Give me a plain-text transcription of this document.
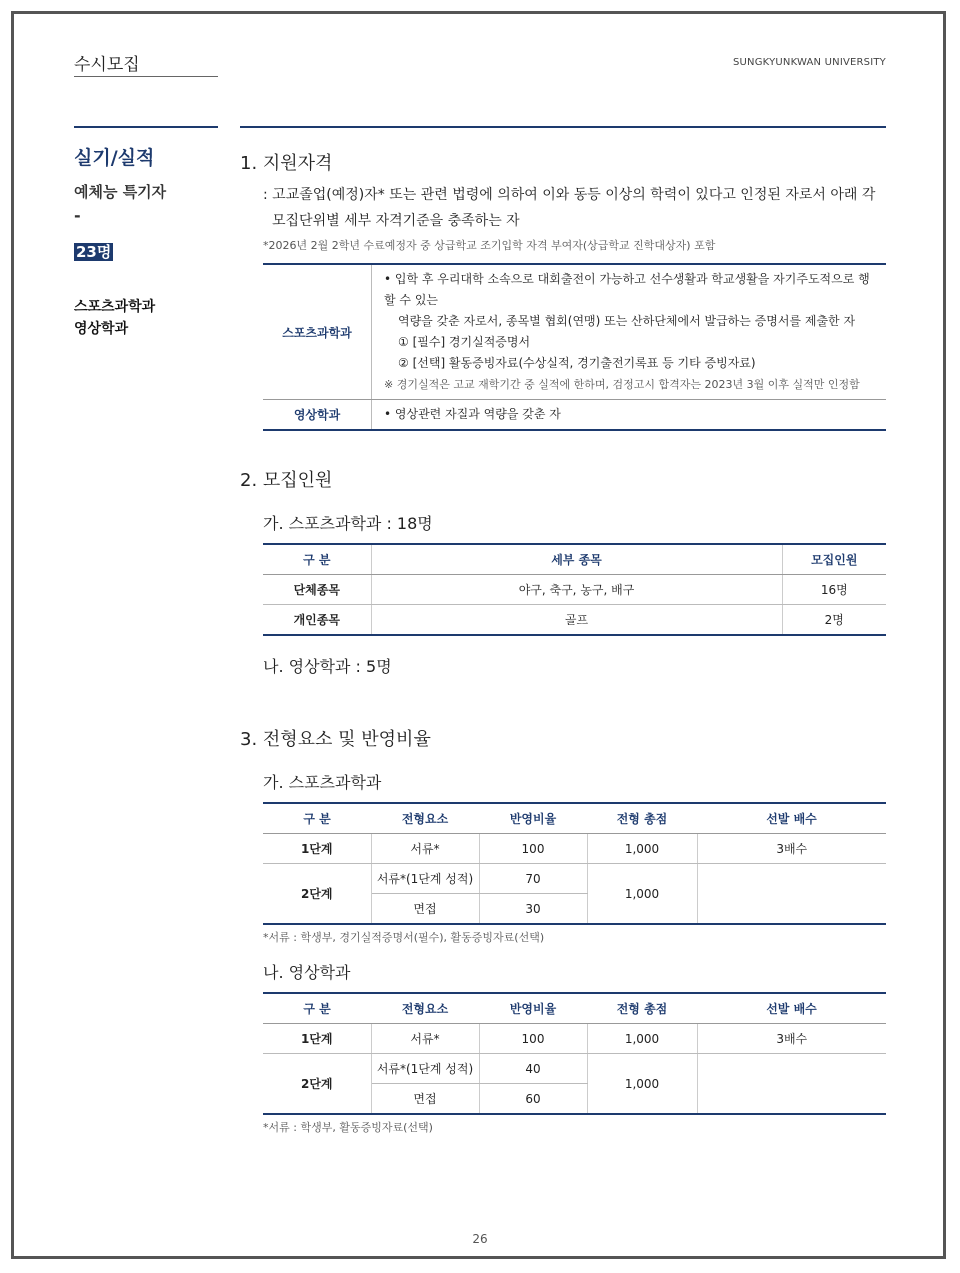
수시모집	SUNGKYUNKWAN UNIVERSITY
실기/실적
예체능 특기자
-
23명
스포츠과학과
영상학과
1. 지원자격
: 고교졸업(예정)자* 또는 관련 법령에 의하여 이와 동등 이상의 학력이 있다고 인정된 자로서 아래 각
모집단위별 세부 자격기준을 충족하는 자
*2026년 2월 2학년 수료예정자 중 상급학교 조기입학 자격 부여자(상급학교 진학대상자) 포함
스포츠과학과
• 입학 후 우리대학 소속으로 대회출전이 가능하고 선수생활과 학교생활을 자기주도적으로 행할 수 있는
역량을 갖춘 자로서, 종목별 협회(연맹) 또는 산하단체에서 발급하는 증명서를 제출한 자
① [필수] 경기실적증명서
② [선택] 활동증빙자료(수상실적, 경기출전기록표 등 기타 증빙자료)
※ 경기실적은 고교 재학기간 중 실적에 한하며, 검정고시 합격자는 2023년 3월 이후 실적만 인정함
영상학과	• 영상관련 자질과 역량을 갖춘 자
2. 모집인원
가. 스포츠과학과 : 18명
구 분	세부 종목	모집인원
단체종목	야구, 축구, 농구, 배구	16명
개인종목	골프	2명
나. 영상학과 : 5명
3. 전형요소 및 반영비율
가. 스포츠과학과
구 분	전형요소	반영비율	전형 총점	선발 배수
1단계	서류*	100	1,000	3배수
2단계	서류*(1단계 성적)	70	1,000	
	면접	30		
*서류 : 학생부, 경기실적증명서(필수), 활동증빙자료(선택)
나. 영상학과
구 분	전형요소	반영비율	전형 총점	선발 배수
1단계	서류*	100	1,000	3배수
2단계	서류*(1단계 성적)	40	1,000	
	면접	60		
*서류 : 학생부, 활동증빙자료(선택)
26
